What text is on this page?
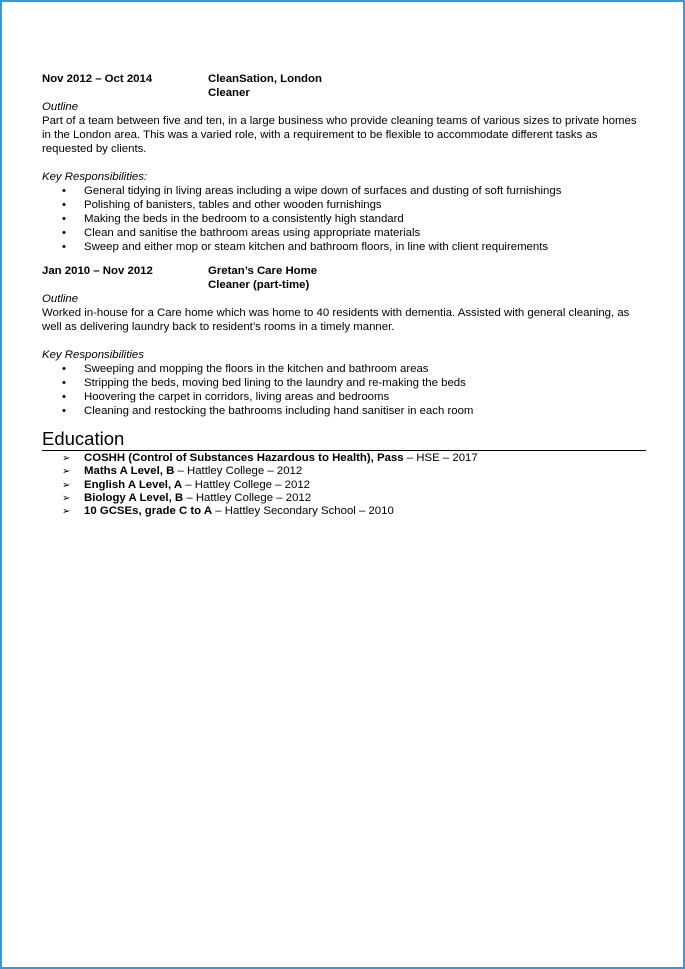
Nov 2012 – Oct 2014	CleanSation, London
Cleaner

Outline

Part of a team between five and ten, in a large business who provide cleaning teams of various sizes to private homes in the London area. This was a varied role, with a requirement to be flexible to accommodate different tasks as requested by clients.

Key Responsibilities:

• General tidying in living areas including a wipe down of surfaces and dusting of soft furnishings
• Polishing of banisters, tables and other wooden furnishings
• Making the beds in the bedroom to a consistently high standard
• Clean and sanitise the bathroom areas using appropriate materials
• Sweep and either mop or steam kitchen and bathroom floors, in line with client requirements
Jan 2010 – Nov 2012	Gretan’s Care Home
Cleaner (part-time)

Outline

Worked in-house for a Care home which was home to 40 residents with dementia. Assisted with general cleaning, as well as delivering laundry back to resident’s rooms in a timely manner.

Key Responsibilities

• Sweeping and mopping the floors in the kitchen and bathroom areas
• Stripping the beds, moving bed lining to the laundry and re-making the beds
• Hoovering the carpet in corridors, living areas and bedrooms
• Cleaning and restocking the bathrooms including hand sanitiser in each room
Education
➢ COSHH (Control of Substances Hazardous to Health), Pass – HSE – 2017
➢ Maths A Level, B – Hattley College – 2012
➢ English A Level, A – Hattley College – 2012
➢ Biology A Level, B – Hattley College – 2012
➢ 10 GCSEs, grade C to A – Hattley Secondary School – 2010
